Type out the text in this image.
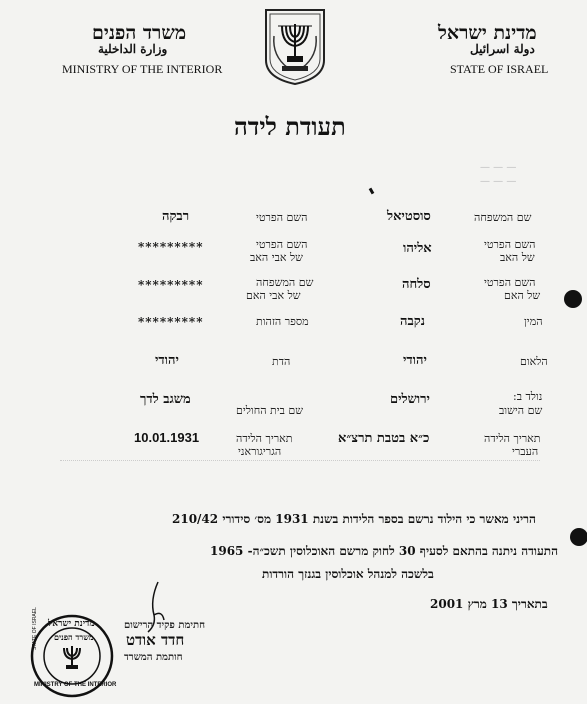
משרד הפנים
وزارة الداخلية
MINISTRY OF THE INTERIOR
מדינת ישראל
دولة اسرائيل
STATE OF ISRAEL
תעודת לידה
— — —
— — —
שם המשפחה
סוסטיאל
השם הפרטי
רבקה
השם הפרטי
של האב
אליהו
השם הפרטי
של אבי האב
*********
השם הפרטי
של האם
סלחה
שם המשפחה
של אבי האם
*********
המין
נקבה
מספר הזהות
*********
הלאום
יהודי
הדת
יהודי
נולד ב:
שם הישוב
ירושלים
שם בית החולים
משגב לדך
תאריך הלידה
העברי
כ״א בטבת תרצ״א
תאריך הלידה
הגריגוראני
10.01.1931
הריני מאשר כי הילוד נרשם בספר הלידות בשנת 1931 מס׳ סידורי 210/42
התעודה ניתנה בהתאם לסעיף 30 לחוק מרשם האוכלוסין תשכ״ה- 1965
בלשכה למנהל אוכלוסין בגנזך הורדות
בתאריך 13 מרץ 2001
חתימת פקיד הרישום
חדד אודט
חותמת המשרד
מדינת ישראל
משרד הפנים
MINISTRY OF THE INTERIOR
STATE OF ISRAEL
